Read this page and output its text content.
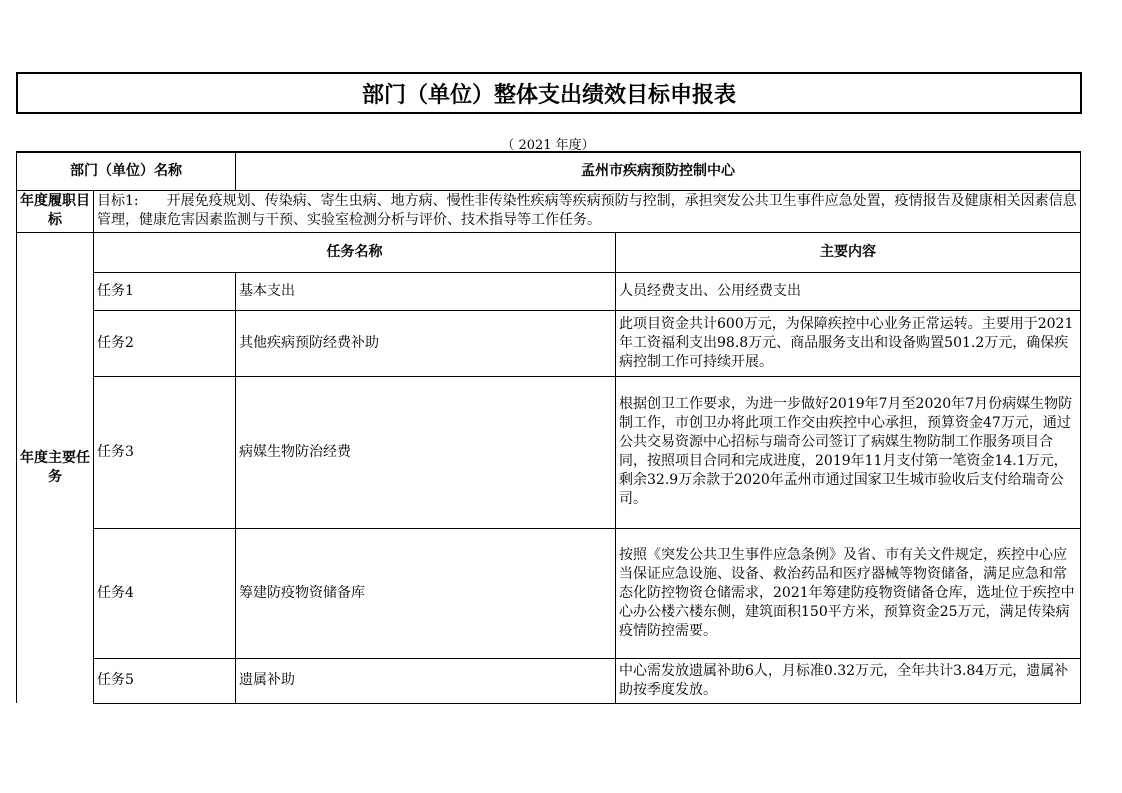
部门（单位）整体支出绩效目标申报表
（ 2021 年度）
部门（单位）名称		孟州市疾病预防控制中心	
年度履职目标	目标1:　　开展免疫规划、传染病、寄生虫病、地方病、慢性非传染性疾病等疾病预防与控制，承担突发公共卫生事件应急处置，疫情报告及健康相关因素信息管理，健康危害因素监测与干预、实验室检测分析与评价、技术指导等工作任务。		
年度主要任务	任务名称		主要内容
	任务1	基本支出	人员经费支出、公用经费支出
	任务2	其他疾病预防经费补助	此项目资金共计600万元，为保障疾控中心业务正常运转。主要用于2021年工资福利支出98.8万元、商品服务支出和设备购置501.2万元，确保疾病控制工作可持续开展。
	任务3	病媒生物防治经费	根据创卫工作要求，为进一步做好2019年7月至2020年7月份病媒生物防制工作，市创卫办将此项工作交由疾控中心承担，预算资金47万元，通过公共交易资源中心招标与瑞奇公司签订了病媒生物防制工作服务项目合同，按照项目合同和完成进度，2019年11月支付第一笔资金14.1万元，剩余32.9万余款于2020年孟州市通过国家卫生城市验收后支付给瑞奇公司。
	任务4	筹建防疫物资储备库	按照《突发公共卫生事件应急条例》及省、市有关文件规定，疾控中心应当保证应急设施、设备、救治药品和医疗器械等物资储备，满足应急和常态化防控物资仓储需求，2021年筹建防疫物资储备仓库，选址位于疾控中心办公楼六楼东侧，建筑面积150平方米，预算资金25万元，满足传染病疫情防控需要。
	任务5	遗属补助	中心需发放遗属补助6人，月标准0.32万元，全年共计3.84万元，遗属补助按季度发放。
